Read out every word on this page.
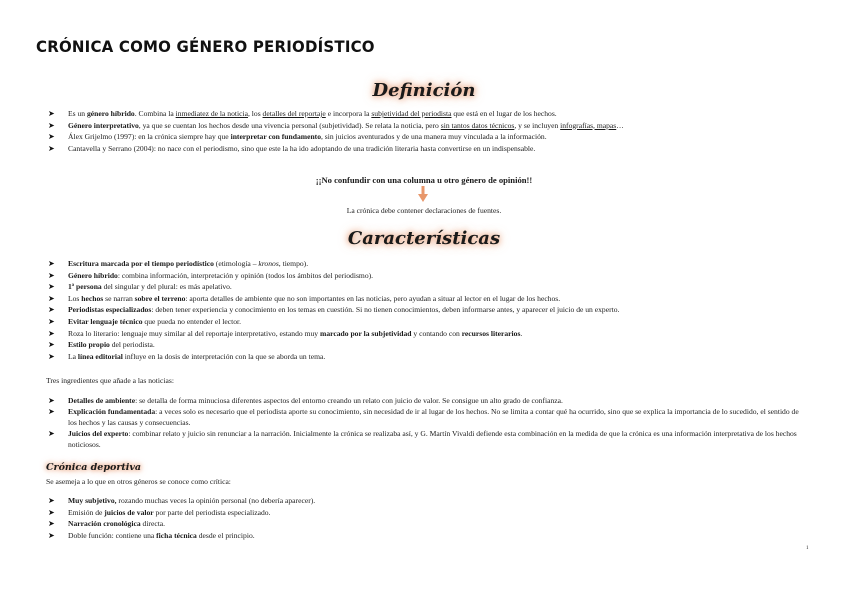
CRÓNICA COMO GÉNERO PERIODÍSTICO
Definición
➤ Es un género híbrido. Combina la inmediatez de la noticia, los detalles del reportaje e incorpora la subjetividad del periodista que está en el lugar de los hechos.
➤ Género interpretativo, ya que se cuentan los hechos desde una vivencia personal (subjetividad). Se relata la noticia, pero sin tantos datos técnicos, y se incluyen infografías, mapas…
➤ Álex Grijelmo (1997): en la crónica siempre hay que interpretar con fundamento, sin juicios aventurados y de una manera muy vinculada a la información.
➤ Cantavella y Serrano (2004): no nace con el periodismo, sino que este la ha ido adoptando de una tradición literaria hasta convertirse en un indispensable.
¡¡No confundir con una columna u otro género de opinión!!
La crónica debe contener declaraciones de fuentes.
Características
➤ Escritura marcada por el tiempo periodístico (etimología – kronos, tiempo).
➤ Género híbrido: combina información, interpretación y opinión (todos los ámbitos del periodismo).
➤ 1ª persona del singular y del plural: es más apelativo.
➤ Los hechos se narran sobre el terreno: aporta detalles de ambiente que no son importantes en las noticias, pero ayudan a situar al lector en el lugar de los hechos.
➤ Periodistas especializados: deben tener experiencia y conocimiento en los temas en cuestión. Si no tienen conocimientos, deben informarse antes, y aparecer el juicio de un experto.
➤ Evitar lenguaje técnico que pueda no entender el lector.
➤ Roza lo literario: lenguaje muy similar al del reportaje interpretativo, estando muy marcado por la subjetividad y contando con recursos literarios.
➤ Estilo propio del periodista.
➤ La línea editorial influye en la dosis de interpretación con la que se aborda un tema.
Tres ingredientes que añade a las noticias:
➤ Detalles de ambiente: se detalla de forma minuciosa diferentes aspectos del entorno creando un relato con juicio de valor. Se consigue un alto grado de confianza.
➤ Explicación fundamentada: a veces solo es necesario que el periodista aporte su conocimiento, sin necesidad de ir al lugar de los hechos. No se limita a contar qué ha ocurrido, sino que se explica la importancia de lo sucedido, el sentido de los hechos y las causas y consecuencias.
➤ Juicios del experto: combinar relato y juicio sin renunciar a la narración. Inicialmente la crónica se realizaba así, y G. Martín Vivaldi defiende esta combinación en la medida de que la crónica es una información interpretativa de los hechos noticiosos.
Crónica deportiva
Se asemeja a lo que en otros géneros se conoce como crítica:
➤ Muy subjetivo, rozando muchas veces la opinión personal (no debería aparecer).
➤ Emisión de juicios de valor por parte del periodista especializado.
➤ Narración cronológica directa.
➤ Doble función: contiene una ficha técnica desde el principio.
1
